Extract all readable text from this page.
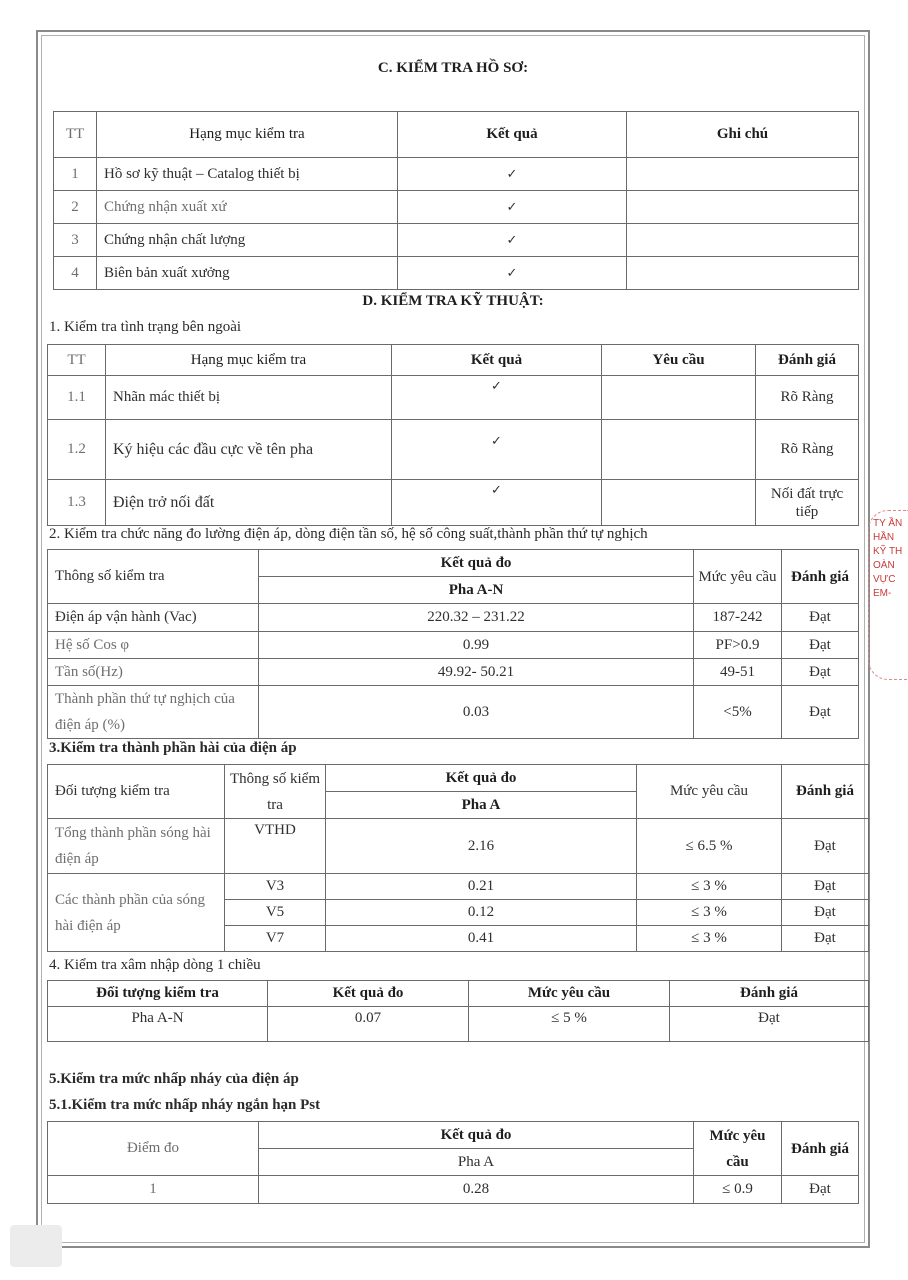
C. KIỂM TRA HỒ SƠ:
TT	Hạng mục kiểm tra	Kết quả	Ghi chú
1	Hồ sơ kỹ thuật – Catalog thiết bị	✓	
2	Chứng nhận xuất xứ	✓	
3	Chứng nhận chất lượng	✓	
4	Biên bản xuất xưởng	✓	
D. KIỂM TRA KỸ THUẬT:
1. Kiểm tra tình trạng bên ngoài
TT	Hạng mục kiểm tra	Kết quả	Yêu cầu	Đánh giá
1.1	Nhãn mác thiết bị	✓		Rõ Ràng
1.2	Ký hiệu các đầu cực về tên pha	✓		Rõ Ràng
1.3	Điện trở nối đất	✓		Nối đất trực tiếp
2. Kiểm tra chức năng đo lường điện áp, dòng điện tần số, hệ số công suất,thành phần thứ tự nghịch
Thông số kiểm tra	Kết quả đo	Mức yêu cầu	Đánh giá
	Pha A-N		
Điện áp vận hành (Vac)	220.32 – 231.22	187-242	Đạt
Hệ số Cos φ	0.99	PF>0.9	Đạt
Tần số(Hz)	49.92- 50.21	49-51	Đạt
Thành phần thứ tự nghịch của điện áp (%)	0.03	<5%	Đạt
3.Kiểm tra thành phần hài của điện áp
Đối tượng kiểm tra	Thông số kiểm tra	Kết quả đo	Mức yêu cầu	Đánh giá
		Pha A		
Tổng thành phần sóng hài điện áp	VTHD	2.16	≤ 6.5 %	Đạt
Các thành phần của sóng hài điện áp	V3	0.21	≤ 3 %	Đạt
	V5	0.12	≤ 3 %	Đạt
	V7	0.41	≤ 3 %	Đạt
4. Kiểm tra xâm nhập dòng 1 chiều
Đối tượng kiểm tra	Kết quả đo	Mức yêu cầu	Đánh giá
Pha A-N	0.07	≤ 5 %	Đạt
5.Kiểm tra mức nhấp nháy của điện áp
5.1.Kiểm tra mức nhấp nháy ngắn hạn Pst
Điểm đo	Kết quả đo	Mức yêu cầu	Đánh giá
	Pha A		
1	0.28	≤ 0.9	Đạt
TY ẦN HẦN KỸ TH OÀN VỰC EM-
